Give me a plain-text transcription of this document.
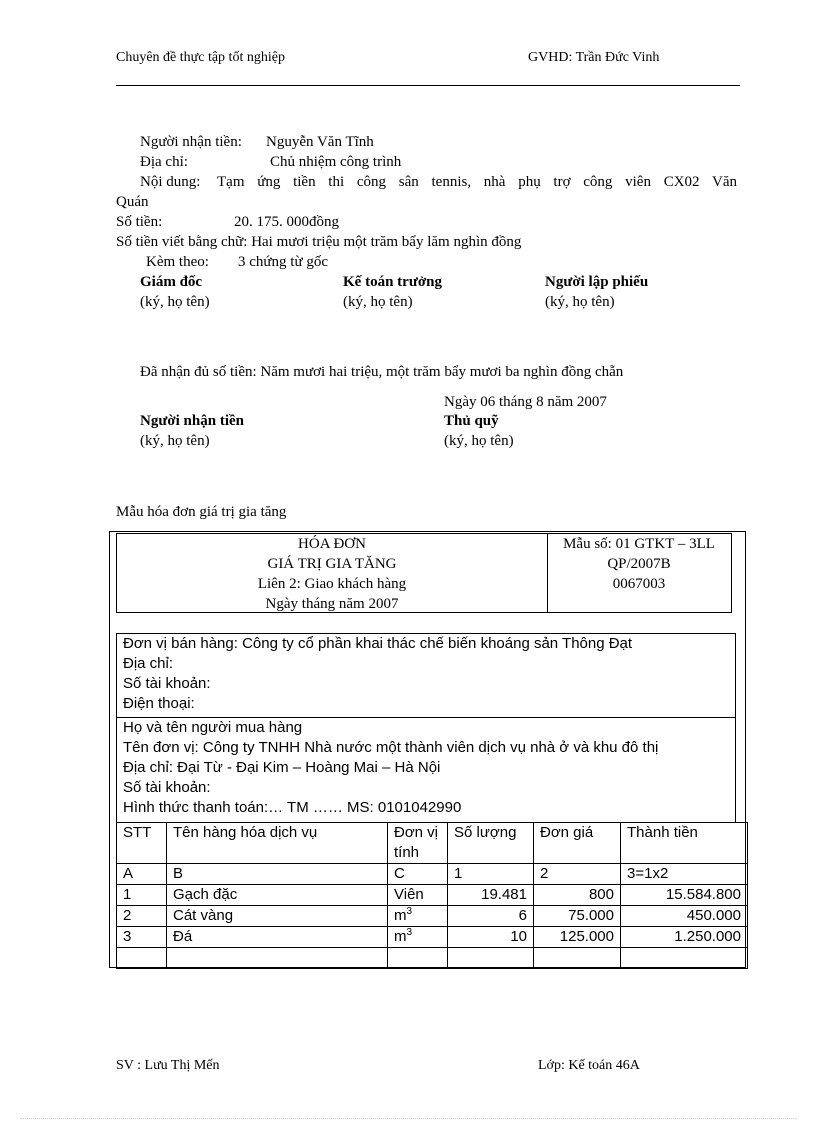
Chuyên đề thực tập tốt nghiệp	GVHD: Trần Đức Vinh
Người nhận tiền: Nguyễn Văn Tĩnh
Địa chỉ:	Chủ nhiệm công trình
Nội dung: Tạm ứng tiền thi công sân tennis, nhà phụ trợ công viên CX02 Văn
Quán
Số tiền:	20. 175. 000đồng
Số tiền viết bằng chữ: Hai mươi triệu một trăm bẩy lăm nghìn đồng
Kèm theo: 3 chứng từ gốc
Giám đốc	Kế toán trưởng	Người lập phiếu
(ký, họ tên)	(ký, họ tên)	(ký, họ tên)
Đã nhận đủ số tiền: Năm mươi hai triệu, một trăm bẩy mươi ba nghìn đồng chẵn
Ngày 06 tháng 8 năm 2007
Người nhận tiền	Thủ quỹ
(ký, họ tên)	(ký, họ tên)
Mẫu hóa đơn giá trị gia tăng
HÓA ĐƠN
GIÁ TRỊ GIA TĂNG
Liên 2: Giao khách hàng
Ngày tháng năm 2007
Mẫu số: 01 GTKT – 3LL
QP/2007B
0067003
Đơn vị bán hàng: Công ty cổ phần khai thác chế biến khoáng sản Thông Đạt
Địa chỉ:
Số tài khoản:
Điện thoại:
Họ và tên người mua hàng
Tên đơn vị: Công ty TNHH Nhà nước một thành viên dịch vụ nhà ở và khu đô thị
Địa chỉ: Đại Từ - Đại Kim – Hoàng Mai – Hà Nội
Số tài khoản:
Hình thức thanh toán:… TM …… MS: 0101042990
STT	Tên hàng hóa dịch vụ	Đơn vị tính	Số lượng	Đơn giá	Thành tiền
A	B	C	1	2	3=1x2
1	Gạch đặc	Viên	19.481	800	15.584.800
2	Cát vàng	$m^3$	6	75.000	450.000
3	Đá	$m^3$	10	125.000	1.250.000

SV : Lưu Thị Mến	Lớp: Kế toán 46A
